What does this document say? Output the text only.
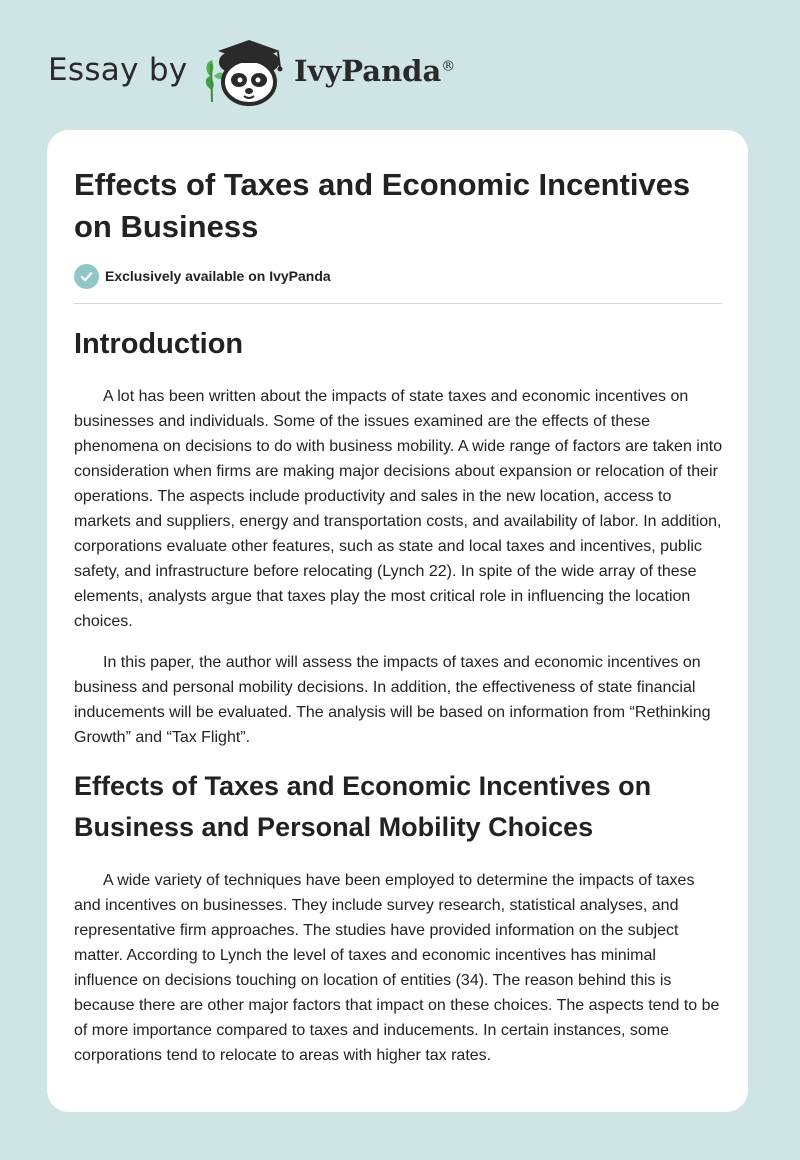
Essay by	IvyPanda®
Effects of Taxes and Economic Incentives on Business
Exclusively available on IvyPanda
Introduction

A lot has been written about the impacts of state taxes and economic incentives on businesses and individuals. Some of the issues examined are the effects of these phenomena on decisions to do with business mobility. A wide range of factors are taken into consideration when firms are making major decisions about expansion or relocation of their operations. The aspects include productivity and sales in the new location, access to markets and suppliers, energy and transportation costs, and availability of labor. In addition, corporations evaluate other features, such as state and local taxes and incentives, public safety, and infrastructure before relocating (Lynch 22). In spite of the wide array of these elements, analysts argue that taxes play the most critical role in influencing the location choices.

In this paper, the author will assess the impacts of taxes and economic incentives on business and personal mobility decisions. In addition, the effectiveness of state financial inducements will be evaluated. The analysis will be based on information from “Rethinking Growth” and “Tax Flight”.

Effects of Taxes and Economic Incentives on Business and Personal Mobility Choices

A wide variety of techniques have been employed to determine the impacts of taxes and incentives on businesses. They include survey research, statistical analyses, and representative firm approaches. The studies have provided information on the subject matter. According to Lynch the level of taxes and economic incentives has minimal influence on decisions touching on location of entities (34). The reason behind this is because there are other major factors that impact on these choices. The aspects tend to be of more importance compared to taxes and inducements. In certain instances, some corporations tend to relocate to areas with higher tax rates.
